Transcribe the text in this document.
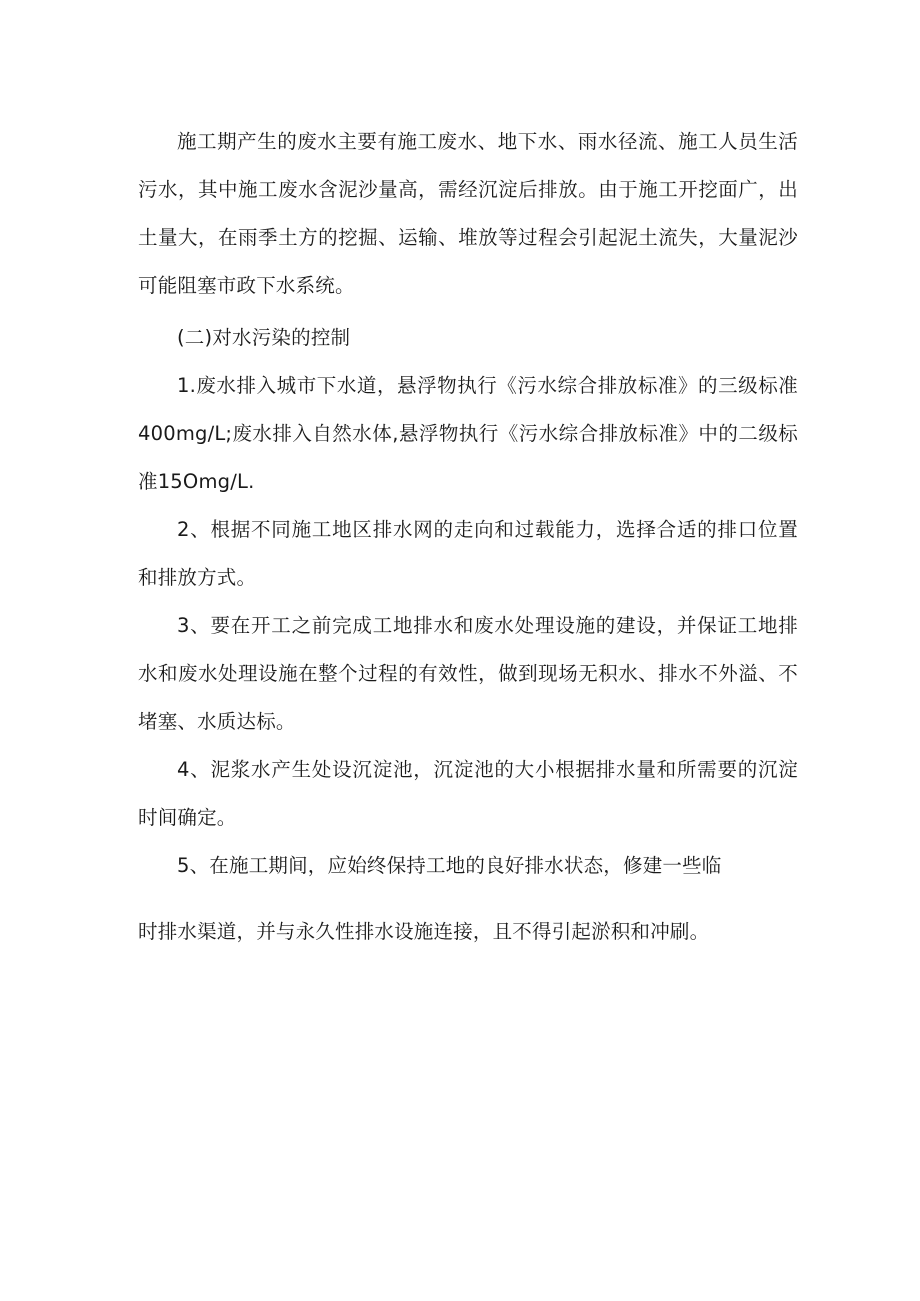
施工期产生的废水主要有施工废水、地下水、雨水径流、施工人员生活污水，其中施工废水含泥沙量高，需经沉淀后排放。由于施工开挖面广，出土量大，在雨季土方的挖掘、运输、堆放等过程会引起泥土流失，大量泥沙可能阻塞市政下水系统。

(二)对水污染的控制

1.废水排入城市下水道，悬浮物执行《污水综合排放标准》的三级标准400mg∕L;废水排入自然水体,悬浮物执行《污水综合排放标准》中的二级标准15Omg∕L.

2、根据不同施工地区排水网的走向和过载能力，选择合适的排口位置和排放方式。

3、要在开工之前完成工地排水和废水处理设施的建设，并保证工地排水和废水处理设施在整个过程的有效性，做到现场无积水、排水不外溢、不堵塞、水质达标。

4、泥浆水产生处设沉淀池，沉淀池的大小根据排水量和所需要的沉淀时间确定。

5、在施工期间，应始终保持工地的良好排水状态，修建一些临

时排水渠道，并与永久性排水设施连接，且不得引起淤积和冲刷。
